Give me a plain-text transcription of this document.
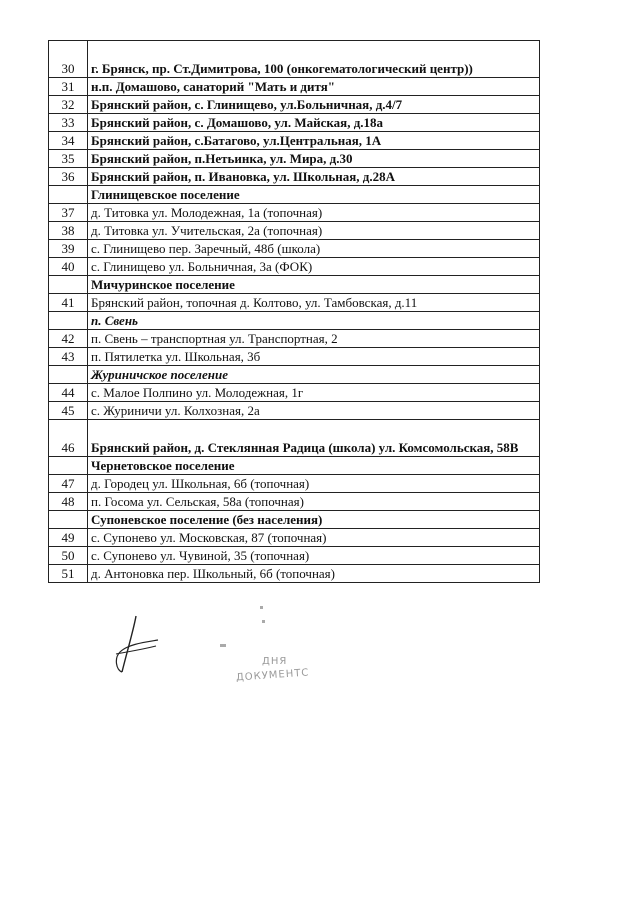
30	г. Брянск, пр. Ст.Димитрова, 100 (онкогематологический центр))
31	н.п. Домашово, санаторий "Мать и дитя"
32	Брянский район, с. Глинищево, ул.Больничная, д.4/7
33	Брянский район, с. Домашово, ул. Майская, д.18а
34	Брянский район, с.Батагово, ул.Центральная, 1А
35	Брянский район, п.Нетьинка, ул. Мира, д.30
36	Брянский район, п. Ивановка, ул. Школьная, д.28А
	Глинищевское поселение
37	д. Титовка ул. Молодежная, 1а (топочная)
38	д. Титовка ул. Учительская, 2а (топочная)
39	с. Глинищево пер. Заречный, 48б (школа)
40	с. Глинищево ул. Больничная, 3а (ФОК)
	Мичуринское поселение
41	Брянский район, топочная д. Колтово, ул. Тамбовская, д.11
	п. Свень
42	п. Свень – транспортная ул. Транспортная, 2
43	п. Пятилетка ул. Школьная, 3б
	Журиничское поселение
44	с. Малое Полпино ул. Молодежная, 1г
45	с. Журиничи ул. Колхозная, 2а
46	Брянский район, д. Стеклянная Радица (школа) ул. Комсомольская, 58В
	Чернетовское поселение
47	д. Городец ул. Школьная, 6б (топочная)
48	п. Госома ул. Сельская, 58а (топочная)
	Супоневское поселение (без населения)
49	с. Супонево ул. Московская, 87 (топочная)
50	с. Супонево ул. Чувиной, 35 (топочная)
51	д. Антоновка пер. Школьный, 6б (топочная)
ДНЯ
ДОКУМЕНТС
